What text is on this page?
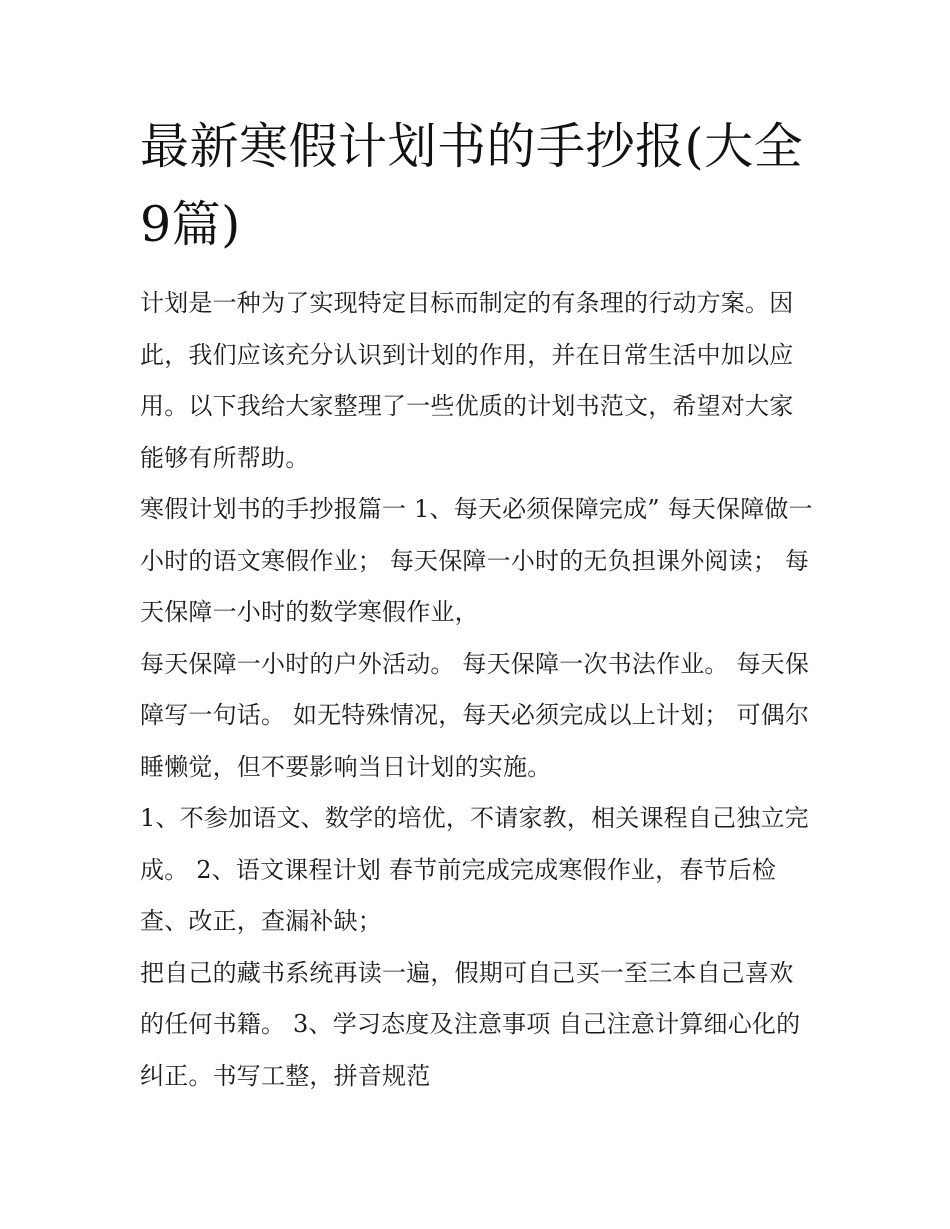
最新寒假计划书的手抄报(大全9篇)

计划是一种为了实现特定目标而制定的有条理的行动方案。因此，我们应该充分认识到计划的作用，并在日常生活中加以应用。以下我给大家整理了一些优质的计划书范文，希望对大家能够有所帮助。

寒假计划书的手抄报篇一 1、每天必须保障完成” 每天保障做一小时的语文寒假作业； 每天保障一小时的无负担课外阅读； 每天保障一小时的数学寒假作业，

每天保障一小时的户外活动。 每天保障一次书法作业。 每天保障写一句话。 如无特殊情况，每天必须完成以上计划； 可偶尔睡懒觉，但不要影响当日计划的实施。

1、不参加语文、数学的培优，不请家教，相关课程自己独立完成。 2、语文课程计划 春节前完成完成寒假作业，春节后检查、改正，查漏补缺；

把自己的藏书系统再读一遍，假期可自己买一至三本自己喜欢的任何书籍。 3、学习态度及注意事项 自己注意计算细心化的纠正。书写工整，拼音规范
